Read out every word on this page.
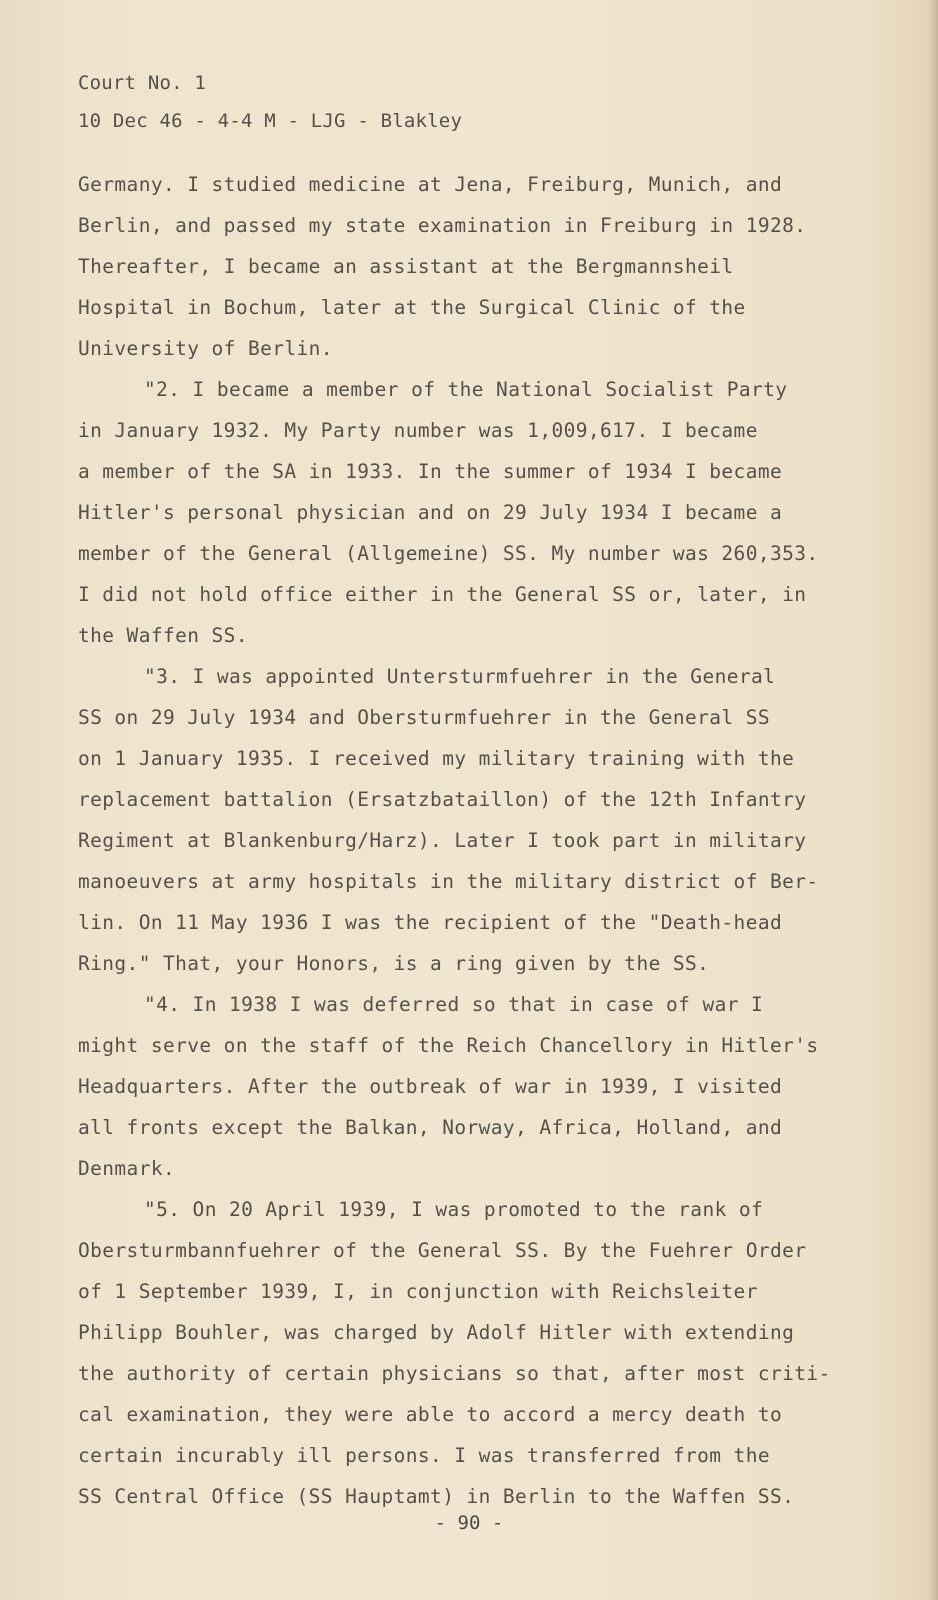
Court No. 1
10 Dec 46 - 4-4 M - LJG - Blakley
Germany. I studied medicine at Jena, Freiburg, Munich, and
Berlin, and passed my state examination in Freiburg in 1928.
Thereafter, I became an assistant at the Bergmannsheil
Hospital in Bochum, later at the Surgical Clinic of the
University of Berlin.
"2. I became a member of the National Socialist Party
in January 1932. My Party number was 1,009,617. I became
a member of the SA in 1933. In the summer of 1934 I became
Hitler's personal physician and on 29 July 1934 I became a
member of the General (Allgemeine) SS. My number was 260,353.
I did not hold office either in the General SS or, later, in
the Waffen SS.
"3. I was appointed Untersturmfuehrer in the General
SS on 29 July 1934 and Obersturmfuehrer in the General SS
on 1 January 1935. I received my military training with the
replacement battalion (Ersatzbataillon) of the 12th Infantry
Regiment at Blankenburg/Harz). Later I took part in military
manoeuvers at army hospitals in the military district of Ber-
lin. On 11 May 1936 I was the recipient of the "Death-head
Ring." That, your Honors, is a ring given by the SS.
"4. In 1938 I was deferred so that in case of war I
might serve on the staff of the Reich Chancellory in Hitler's
Headquarters. After the outbreak of war in 1939, I visited
all fronts except the Balkan, Norway, Africa, Holland, and
Denmark.
"5. On 20 April 1939, I was promoted to the rank of
Obersturmbannfuehrer of the General SS. By the Fuehrer Order
of 1 September 1939, I, in conjunction with Reichsleiter
Philipp Bouhler, was charged by Adolf Hitler with extending
the authority of certain physicians so that, after most criti-
cal examination, they were able to accord a mercy death to
certain incurably ill persons. I was transferred from the
SS Central Office (SS Hauptamt) in Berlin to the Waffen SS.
- 90 -
